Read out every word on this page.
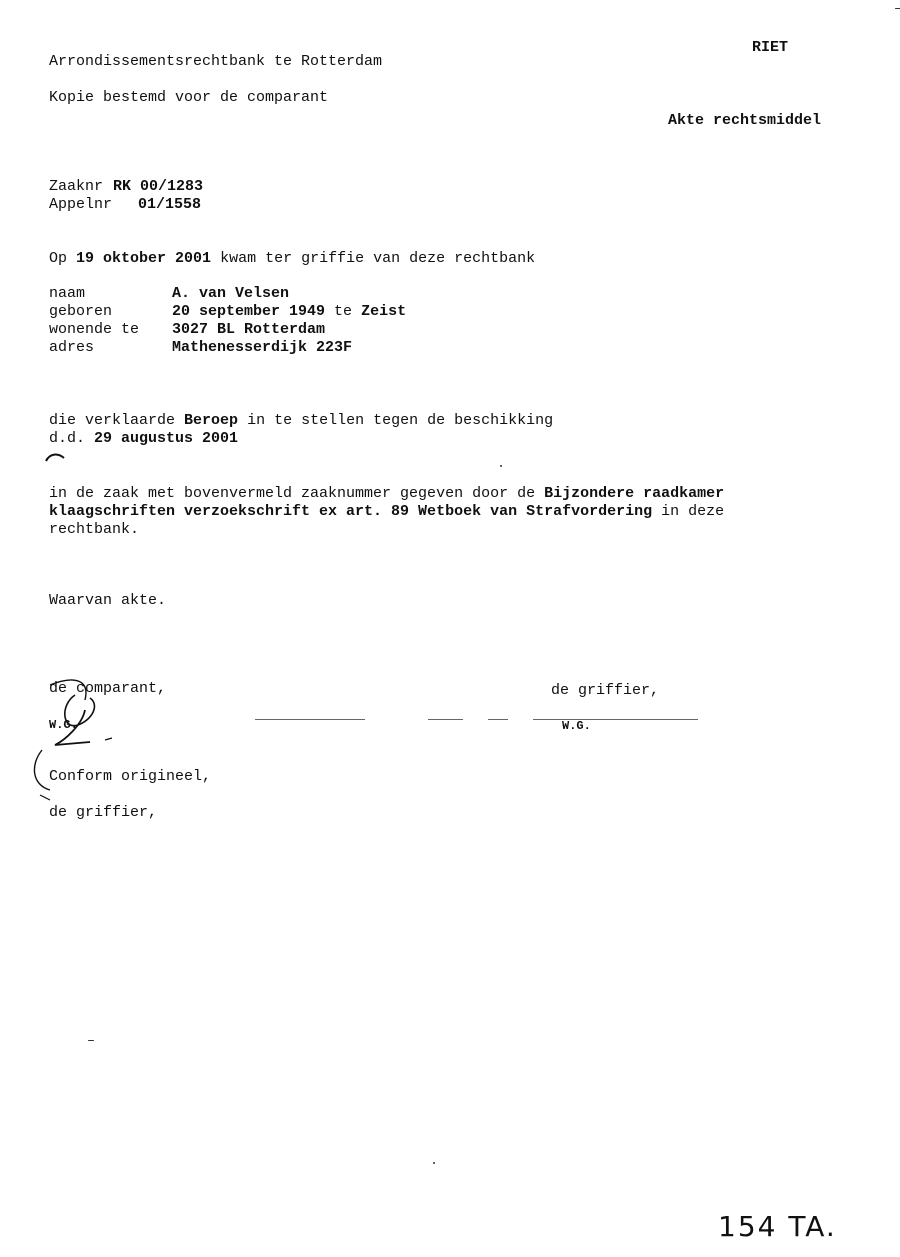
Arrondissementsrechtbank te Rotterdam
RIET
Kopie bestemd voor de comparant
Akte rechtsmiddel
Zaaknr RK 00/1283
Appelnr 01/1558
Op 19 oktober 2001 kwam ter griffie van deze rechtbank
naam	A. van Velsen
geboren	20 september 1949 te Zeist
wonende te 3027 BL Rotterdam
adres	Mathenesserdijk 223F
die verklaarde Beroep in te stellen tegen de beschikking
d.d. 29 augustus 2001
in de zaak met bovenvermeld zaaknummer gegeven door de Bijzondere raadkamer
klaagschriften verzoekschrift ex art. 89 Wetboek van Strafvordering in deze
rechtbank.
Waarvan akte.
de comparant,
W.G.
de griffier,
W.G.
Conform origineel,
de griffier,
154 TA.
